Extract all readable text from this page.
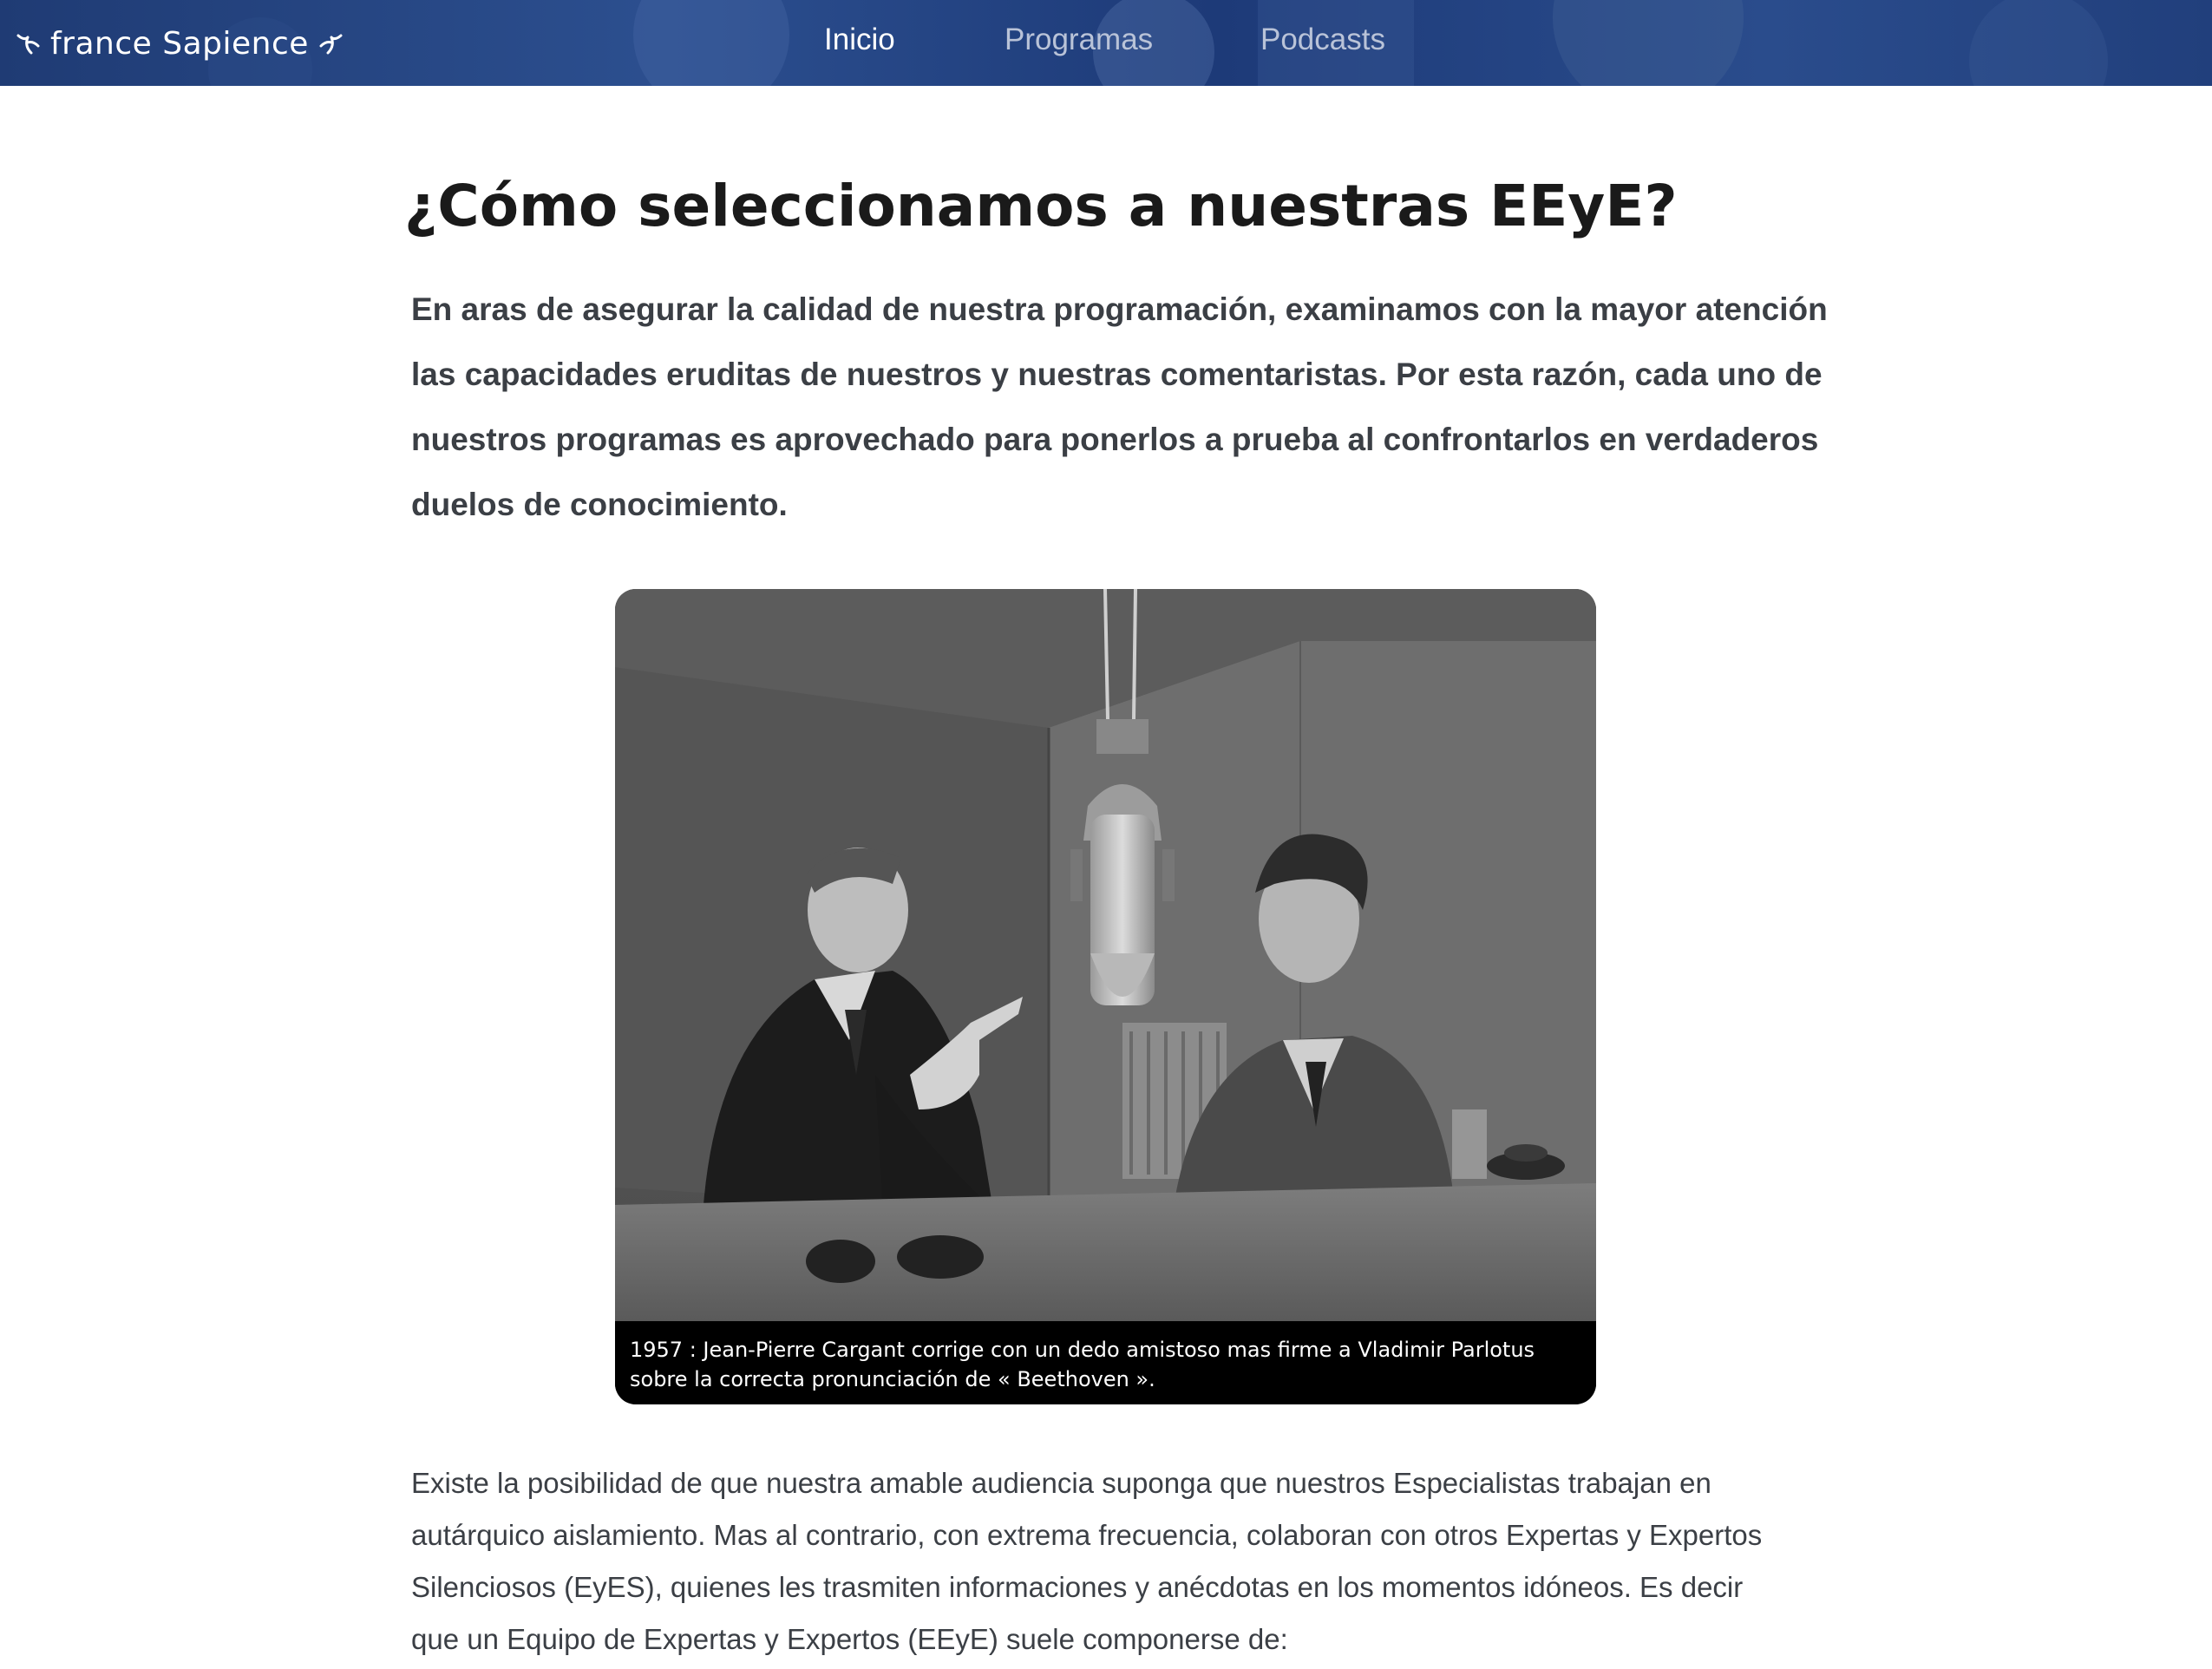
france Sapience	Inicio	Programas	Podcasts
¿Cómo seleccionamos a nuestras EEyE?

En aras de asegurar la calidad de nuestra programación, examinamos con la mayor atención las capacidades eruditas de nuestros y nuestras comentaristas. Por esta razón, cada uno de nuestros programas es aprovechado para ponerlos a prueba al confrontarlos en verdaderos duelos de conocimiento.

1957 : Jean-Pierre Cargant corrige con un dedo amistoso mas firme a Vladimir Parlotus sobre la correcta pronunciación de « Beethoven ».

Existe la posibilidad de que nuestra amable audiencia suponga que nuestros Especialistas trabajan en autárquico aislamiento. Mas al contrario, con extrema frecuencia, colaboran con otros Expertas y Expertos Silenciosos (EyES), quienes les trasmiten informaciones y anécdotas en los momentos idóneos. Es decir que un Equipo de Expertas y Expertos (EEyE) suele componerse de:
